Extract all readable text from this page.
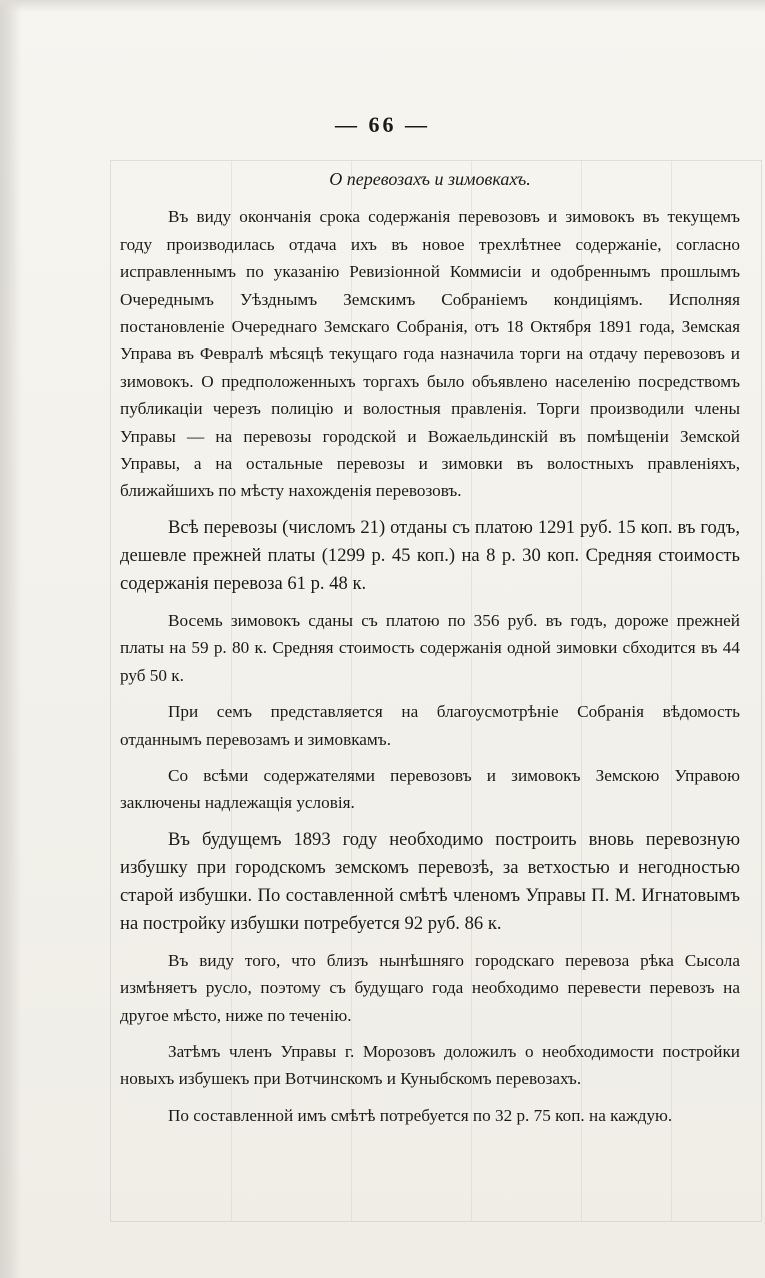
— 66 —
О перевозахъ и зимовкахъ.

Въ виду окончанія срока содержанія перевозовъ и зимовокъ въ текущемъ году производилась отдача ихъ въ новое трехлѣтнее содержаніе, согласно исправленнымъ по указанію Ревизіонной Коммисіи и одобреннымъ прошлымъ Очереднымъ Уѣзднымъ Земскимъ Собраніемъ кондиціямъ. Исполняя постановленіе Очереднаго Земскаго Собранія, отъ 18 Октября 1891 года, Земская Управа въ Февралѣ мѣсяцѣ текущаго года назначила торги на отдачу перевозовъ и зимовокъ. О предположенныхъ торгахъ было объявлено населенію посредствомъ публикаціи черезъ полицію и волостныя правленія. Торги производили члены Управы — на перевозы городской и Вожаельдинскій въ помѣщеніи Земской Управы, а на остальные перевозы и зимовки въ волостныхъ правленіяхъ, ближайшихъ по мѣсту нахожденія перевозовъ.

Всѣ перевозы (числомъ 21) отданы съ платою 1291 руб. 15 коп. въ годъ, дешевле прежней платы (1299 р. 45 коп.) на 8 р. 30 коп. Средняя стоимость содержанія перевоза 61 р. 48 к.

Восемь зимовокъ сданы съ платою по 356 руб. въ годъ, дороже прежней платы на 59 р. 80 к. Средняя стоимость содержанія одной зимовки сбходится въ 44 руб 50 к.

При семъ представляется на благоусмотрѣніе Собранія вѣдомость отданнымъ перевозамъ и зимовкамъ.

Со всѣми содержателями перевозовъ и зимовокъ Земскою Управою заключены надлежащія условія.

Въ будущемъ 1893 году необходимо построить вновь перевозную избушку при городскомъ земскомъ перевозѣ, за ветхостью и негодностью старой избушки. По составленной смѣтѣ членомъ Управы П. М. Игнатовымъ на постройку избушки потребуется 92 руб. 86 к.

Въ виду того, что близъ нынѣшняго городскаго перевоза рѣка Сысола измѣняетъ русло, поэтому съ будущаго года необходимо перевести перевозъ на другое мѣсто, ниже по теченію.

Затѣмъ членъ Управы г. Морозовъ доложилъ о необходимости постройки новыхъ избушекъ при Вотчинскомъ и Куныбскомъ перевозахъ.

По составленной имъ смѣтѣ потребуется по 32 р. 75 коп. на каждую.
